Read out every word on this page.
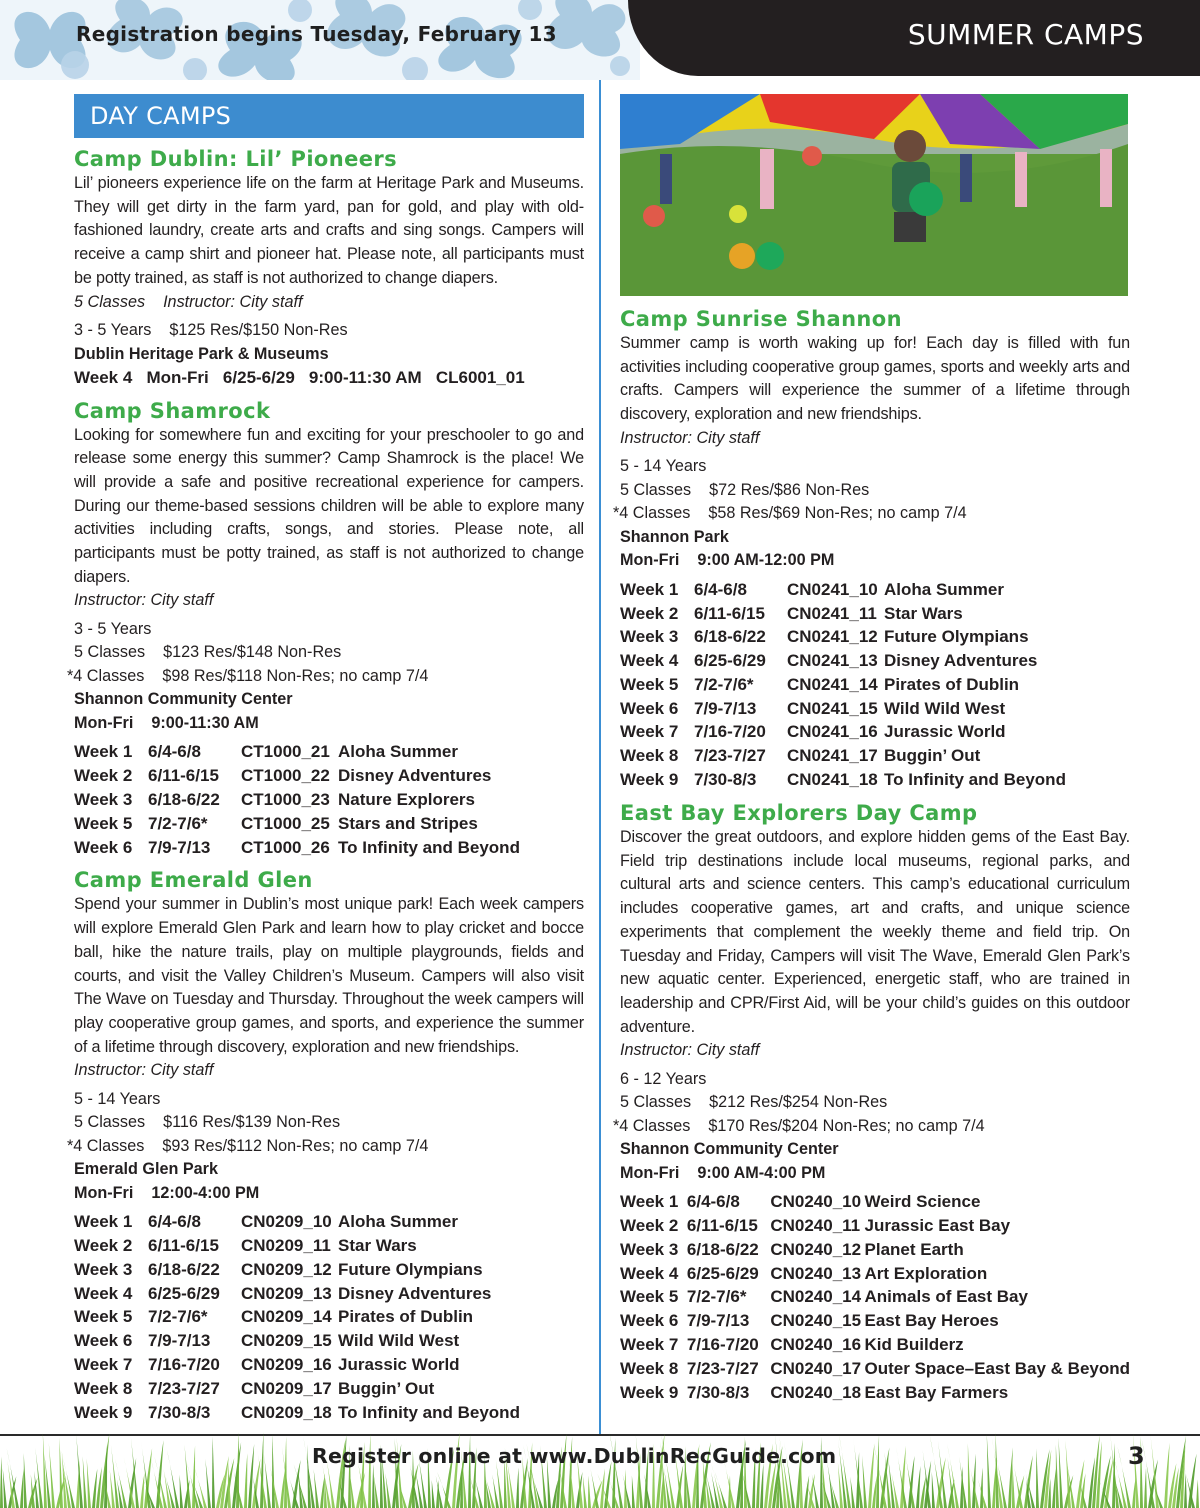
Registration begins Tuesday, February 13	SUMMER CAMPS
DAY CAMPS
Camp Dublin: Lil’ Pioneers
Lil’ pioneers experience life on the farm at Heritage Park and Museums. They will get dirty in the farm yard, pan for gold, and play with old-fashioned laundry, create arts and crafts and sing songs. Campers will receive a camp shirt and pioneer hat. Please note, all participants must be potty trained, as staff is not authorized to change diapers.
5 Classes    Instructor: City staff
3 - 5 Years    $125 Res/$150 Non-Res
Dublin Heritage Park & Museums
Week 4   Mon-Fri   6/25-6/29   9:00-11:30 AM   CL6001_01
Camp Shamrock
Looking for somewhere fun and exciting for your preschooler to go and release some energy this summer? Camp Shamrock is the place! We will provide a safe and positive recreational experience for campers. During our theme-based sessions children will be able to explore many activities including crafts, songs, and stories. Please note, all participants must be potty trained, as staff is not authorized to change diapers.
Instructor: City staff
3 - 5 Years
5 Classes    $123 Res/$148 Non-Res
*4 Classes    $98 Res/$118 Non-Res; no camp 7/4
Shannon Community Center
Mon-Fri    9:00-11:30 AM
Week 1	6/4-6/8	CT1000_21	Aloha Summer
Week 2	6/11-6/15	CT1000_22	Disney Adventures
Week 3	6/18-6/22	CT1000_23	Nature Explorers
Week 5	7/2-7/6*	CT1000_25	Stars and Stripes
Week 6	7/9-7/13	CT1000_26	To Infinity and Beyond
Camp Emerald Glen
Spend your summer in Dublin’s most unique park! Each week campers will explore Emerald Glen Park and learn how to play cricket and bocce ball, hike the nature trails, play on multiple playgrounds, fields and courts, and visit the Valley Children’s Museum. Campers will also visit The Wave on Tuesday and Thursday. Throughout the week campers will play cooperative group games, and sports, and experience the summer of a lifetime through discovery, exploration and new friendships.
Instructor: City staff
5 - 14 Years
5 Classes    $116 Res/$139 Non-Res
*4 Classes    $93 Res/$112 Non-Res; no camp 7/4
Emerald Glen Park
Mon-Fri    12:00-4:00 PM
Week 1	6/4-6/8	CN0209_10	Aloha Summer
Week 2	6/11-6/15	CN0209_11	Star Wars
Week 3	6/18-6/22	CN0209_12	Future Olympians
Week 4	6/25-6/29	CN0209_13	Disney Adventures
Week 5	7/2-7/6*	CN0209_14	Pirates of Dublin
Week 6	7/9-7/13	CN0209_15	Wild Wild West
Week 7	7/16-7/20	CN0209_16	Jurassic World
Week 8	7/23-7/27	CN0209_17	Buggin’ Out
Week 9	7/30-8/3	CN0209_18	To Infinity and Beyond
Camp Sunrise Shannon
Summer camp is worth waking up for! Each day is filled with fun activities including cooperative group games, sports and weekly arts and crafts. Campers will experience the summer of a lifetime through discovery, exploration and new friendships.
Instructor: City staff
5 - 14 Years
5 Classes    $72 Res/$86 Non-Res
*4 Classes    $58 Res/$69 Non-Res; no camp 7/4
Shannon Park
Mon-Fri    9:00 AM-12:00 PM
Week 1	6/4-6/8	CN0241_10	Aloha Summer
Week 2	6/11-6/15	CN0241_11	Star Wars
Week 3	6/18-6/22	CN0241_12	Future Olympians
Week 4	6/25-6/29	CN0241_13	Disney Adventures
Week 5	7/2-7/6*	CN0241_14	Pirates of Dublin
Week 6	7/9-7/13	CN0241_15	Wild Wild West
Week 7	7/16-7/20	CN0241_16	Jurassic World
Week 8	7/23-7/27	CN0241_17	Buggin’ Out
Week 9	7/30-8/3	CN0241_18	To Infinity and Beyond
East Bay Explorers Day Camp
Discover the great outdoors, and explore hidden gems of the East Bay. Field trip destinations include local museums, regional parks, and cultural arts and science centers. This camp’s educational curriculum includes cooperative games, art and crafts, and unique science experiments that complement the weekly theme and field trip. On Tuesday and Friday, Campers will visit The Wave, Emerald Glen Park’s new aquatic center. Experienced, energetic staff, who are trained in leadership and CPR/First Aid, will be your child’s guides on this outdoor adventure.
Instructor: City staff
6 - 12 Years
5 Classes    $212 Res/$254 Non-Res
*4 Classes    $170 Res/$204 Non-Res; no camp 7/4
Shannon Community Center
Mon-Fri    9:00 AM-4:00 PM
Week 1	6/4-6/8	CN0240_10	Weird Science
Week 2	6/11-6/15	CN0240_11	Jurassic East Bay
Week 3	6/18-6/22	CN0240_12	Planet Earth
Week 4	6/25-6/29	CN0240_13	Art Exploration
Week 5	7/2-7/6*	CN0240_14	Animals of East Bay
Week 6	7/9-7/13	CN0240_15	East Bay Heroes
Week 7	7/16-7/20	CN0240_16	Kid Builderz
Week 8	7/23-7/27	CN0240_17	Outer Space–East Bay & Beyond
Week 9	7/30-8/3	CN0240_18	East Bay Farmers
Register online at www.DublinRecGuide.com	3
